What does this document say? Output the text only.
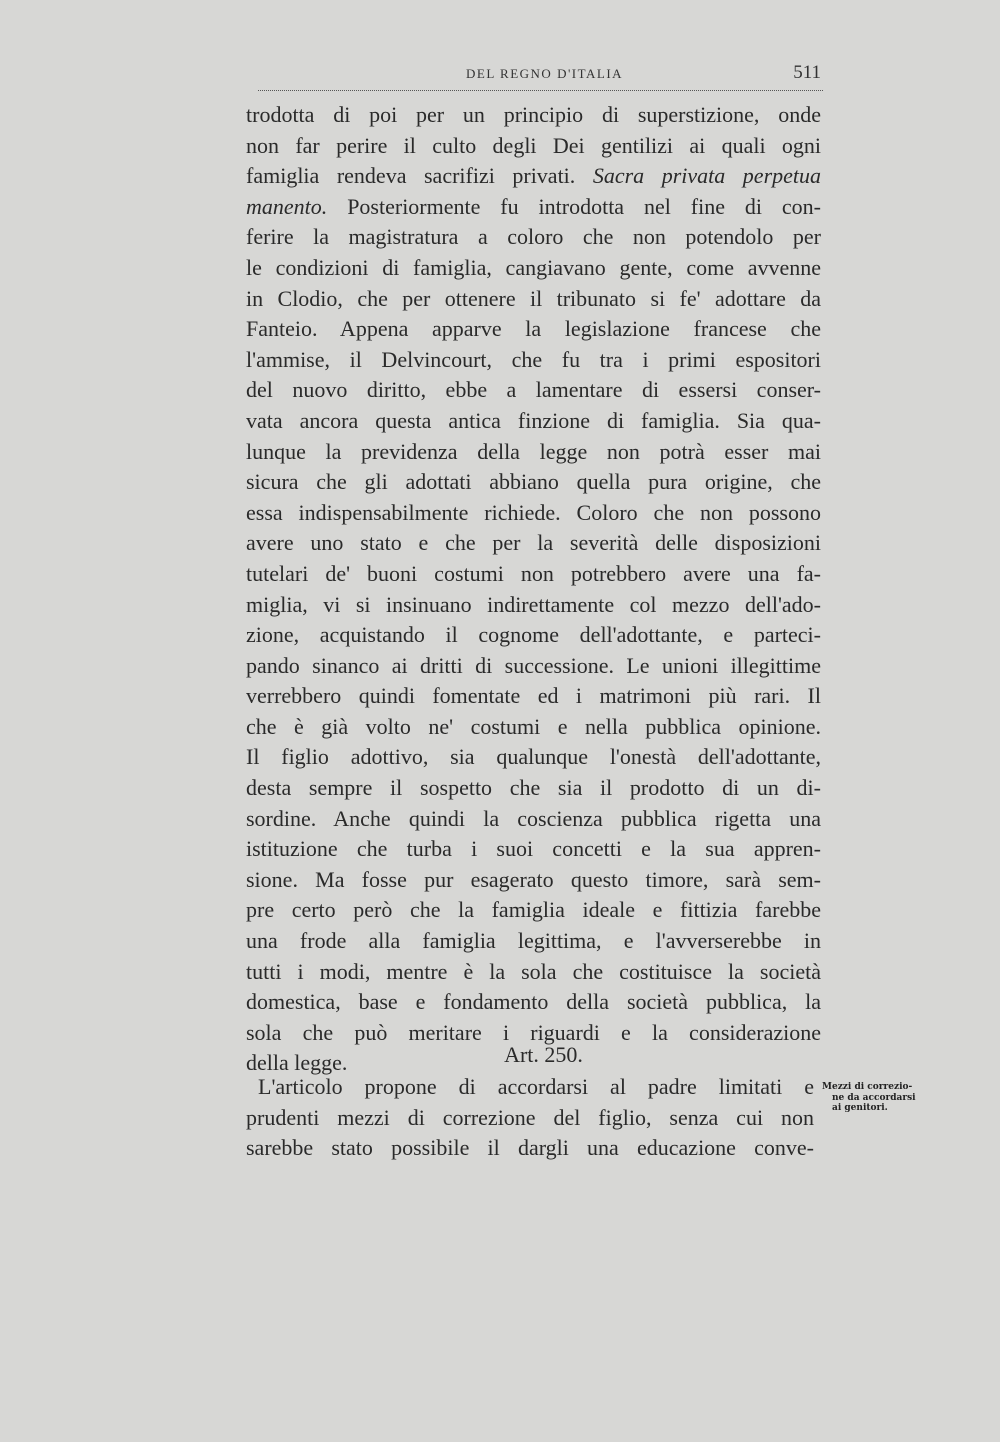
DEL REGNO D'ITALIA	511
trodotta di poi per un principio di superstizione, onde
non far perire il culto degli Dei gentilizi ai quali ogni
famiglia rendeva sacrifizi privati. Sacra privata perpetua
manento. Posteriormente fu introdotta nel fine di con-
ferire la magistratura a coloro che non potendolo per
le condizioni di famiglia, cangiavano gente, come avvenne
in Clodio, che per ottenere il tribunato si fe' adottare da
Fanteio. Appena apparve la legislazione francese che
l'ammise, il Delvincourt, che fu tra i primi espositori
del nuovo diritto, ebbe a lamentare di essersi conser-
vata ancora questa antica finzione di famiglia. Sia qua-
lunque la previdenza della legge non potrà esser mai
sicura che gli adottati abbiano quella pura origine, che
essa indispensabilmente richiede. Coloro che non possono
avere uno stato e che per la severità delle disposizioni
tutelari de' buoni costumi non potrebbero avere una fa-
miglia, vi si insinuano indirettamente col mezzo dell'ado-
zione, acquistando il cognome dell'adottante, e parteci-
pando sinanco ai dritti di successione. Le unioni illegittime
verrebbero quindi fomentate ed i matrimoni più rari. Il
che è già volto ne' costumi e nella pubblica opinione.
Il figlio adottivo, sia qualunque l'onestà dell'adottante,
desta sempre il sospetto che sia il prodotto di un di-
sordine. Anche quindi la coscienza pubblica rigetta una
istituzione che turba i suoi concetti e la sua appren-
sione. Ma fosse pur esagerato questo timore, sarà sem-
pre certo però che la famiglia ideale e fittizia farebbe
una frode alla famiglia legittima, e l'avverserebbe in
tutti i modi, mentre è la sola che costituisce la società
domestica, base e fondamento della società pubblica, la
sola che può meritare i riguardi e la considerazione
della legge.	Art. 250.
L'articolo propone di accordarsi al padre limitati e
prudenti mezzi di correzione del figlio, senza cui non
sarebbe stato possibile il dargli una educazione conve-
Mezzi di correzio-
ne da accordarsi
ai genitori.
